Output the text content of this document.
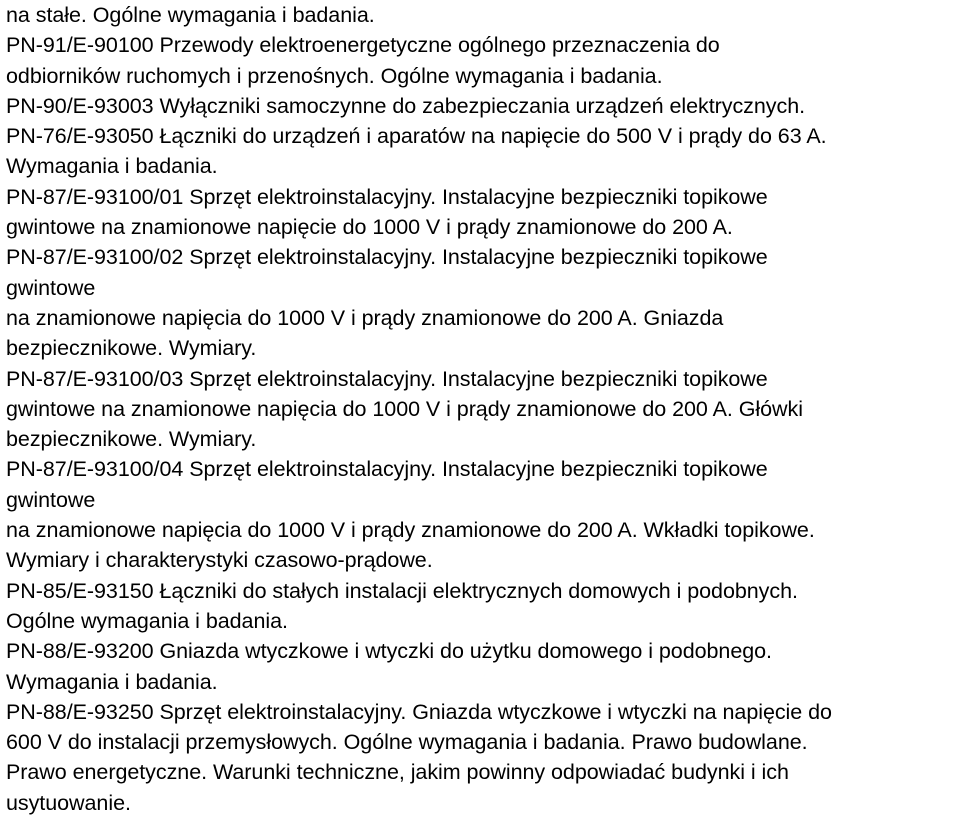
na stałe. Ogólne wymagania i badania.
PN-91/E-90100 Przewody elektroenergetyczne ogólnego przeznaczenia do
odbiorników ruchomych i przenośnych. Ogólne wymagania i badania.
PN-90/E-93003 Wyłączniki samoczynne do zabezpieczania urządzeń elektrycznych.
PN-76/E-93050 Łączniki do urządzeń i aparatów na napięcie do 500 V i prądy do 63 A.
Wymagania i badania.
PN-87/E-93100/01 Sprzęt elektroinstalacyjny. Instalacyjne bezpieczniki topikowe
gwintowe na znamionowe napięcie do 1000 V i prądy znamionowe do 200 A.
PN-87/E-93100/02 Sprzęt elektroinstalacyjny. Instalacyjne bezpieczniki topikowe
gwintowe
na znamionowe napięcia do 1000 V i prądy znamionowe do 200 A. Gniazda
bezpiecznikowe. Wymiary.
PN-87/E-93100/03 Sprzęt elektroinstalacyjny. Instalacyjne bezpieczniki topikowe
gwintowe na znamionowe napięcia do 1000 V i prądy znamionowe do 200 A. Główki
bezpiecznikowe. Wymiary.
PN-87/E-93100/04 Sprzęt elektroinstalacyjny. Instalacyjne bezpieczniki topikowe
gwintowe
na znamionowe napięcia do 1000 V i prądy znamionowe do 200 A. Wkładki topikowe.
Wymiary i charakterystyki czasowo-prądowe.
PN-85/E-93150 Łączniki do stałych instalacji elektrycznych domowych i podobnych.
Ogólne wymagania i badania.
PN-88/E-93200 Gniazda wtyczkowe i wtyczki do użytku domowego i podobnego.
Wymagania i badania.
PN-88/E-93250 Sprzęt elektroinstalacyjny. Gniazda wtyczkowe i wtyczki na napięcie do
600 V do instalacji przemysłowych. Ogólne wymagania i badania. Prawo budowlane.
Prawo energetyczne. Warunki techniczne, jakim powinny odpowiadać budynki i ich
usytuowanie.
